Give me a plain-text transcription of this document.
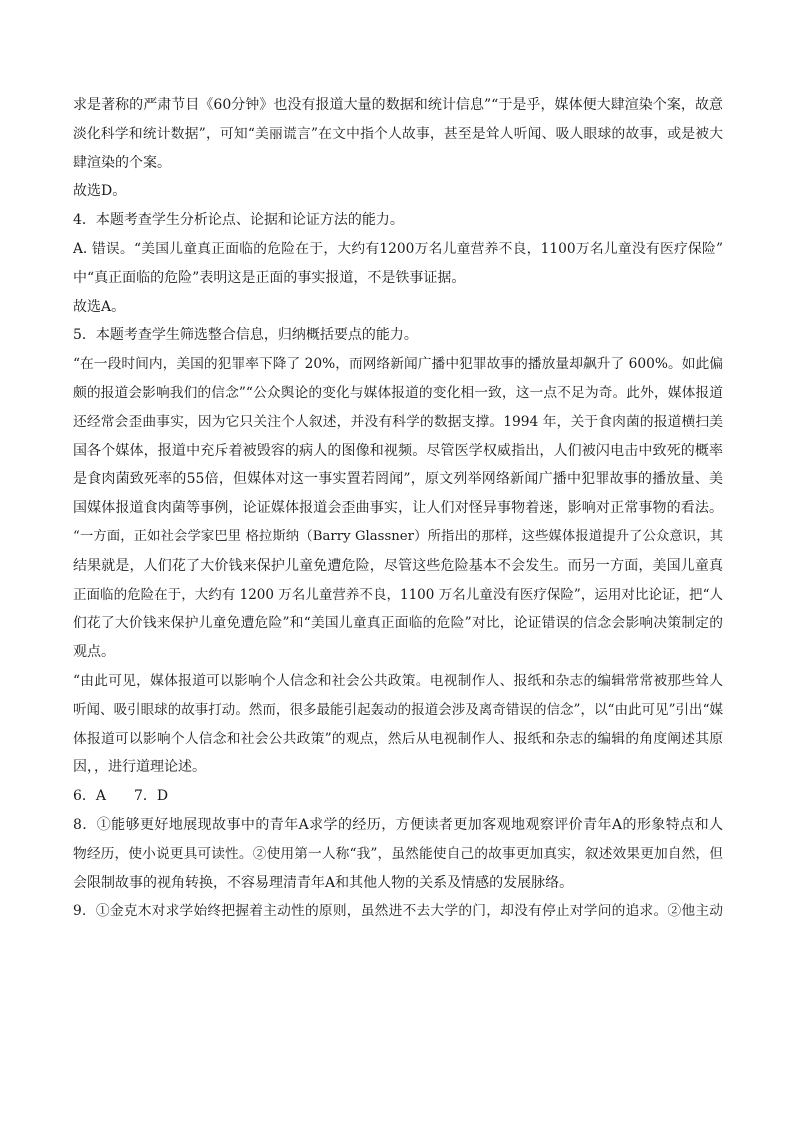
求是著称的严肃节目《60分钟》也没有报道大量的数据和统计信息”“于是乎，媒体便大肆渲染个案，故意
淡化科学和统计数据”，可知“美丽谎言”在文中指个人故事，甚至是耸人听闻、吸人眼球的故事，或是被大
肆渲染的个案。
故选D。
4．本题考查学生分析论点、论据和论证方法的能力。
A. 错误。“美国儿童真正面临的危险在于，大约有1200万名儿童营养不良，1100万名儿童没有医疗保险”
中“真正面临的危险”表明这是正面的事实报道，不是铁事证据。
故选A。
5．本题考查学生筛选整合信息，归纳概括要点的能力。
“在一段时间内，美国的犯罪率下降了 20%，而网络新闻广播中犯罪故事的播放量却飙升了 600%。如此偏
颇的报道会影响我们的信念”“公众舆论的变化与媒体报道的变化相一致，这一点不足为奇。此外，媒体报道
还经常会歪曲事实，因为它只关注个人叙述，并没有科学的数据支撑。1994 年，关于食肉菌的报道横扫美
国各个媒体，报道中充斥着被毁容的病人的图像和视频。尽管医学权威指出，人们被闪电击中致死的概率
是食肉菌致死率的55倍，但媒体对这一事实置若罔闻”，原文列举网络新闻广播中犯罪故事的播放量、美
国媒体报道食肉菌等事例，论证媒体报道会歪曲事实，让人们对怪异事物着迷，影响对正常事物的看法。
“一方面，正如社会学家巴里 格拉斯纳（Barry Glassner）所指出的那样，这些媒体报道提升了公众意识，其
结果就是，人们花了大价钱来保护儿童免遭危险，尽管这些危险基本不会发生。而另一方面，美国儿童真
正面临的危险在于，大约有 1200 万名儿童营养不良，1100 万名儿童没有医疗保险”，运用对比论证，把“人
们花了大价钱来保护儿童免遭危险”和“美国儿童真正面临的危险”对比，论证错误的信念会影响决策制定的
观点。
“由此可见，媒体报道可以影响个人信念和社会公共政策。电视制作人、报纸和杂志的编辑常常被那些耸人
听闻、吸引眼球的故事打动。然而，很多最能引起轰动的报道会涉及离奇错误的信念”，以“由此可见”引出“媒
体报道可以影响个人信念和社会公共政策”的观点，然后从电视制作人、报纸和杂志的编辑的角度阐述其原
因，，进行道理论述。
6．A　　7．D
8．①能够更好地展现故事中的青年A求学的经历，方便读者更加客观地观察评价青年A的形象特点和人
物经历，使小说更具可读性。②使用第一人称“我”，虽然能使自己的故事更加真实，叙述效果更加自然，但
会限制故事的视角转换，不容易理清青年A和其他人物的关系及情感的发展脉络。
9．①金克木对求学始终把握着主动性的原则，虽然进不去大学的门，却没有停止对学问的追求。②他主动
